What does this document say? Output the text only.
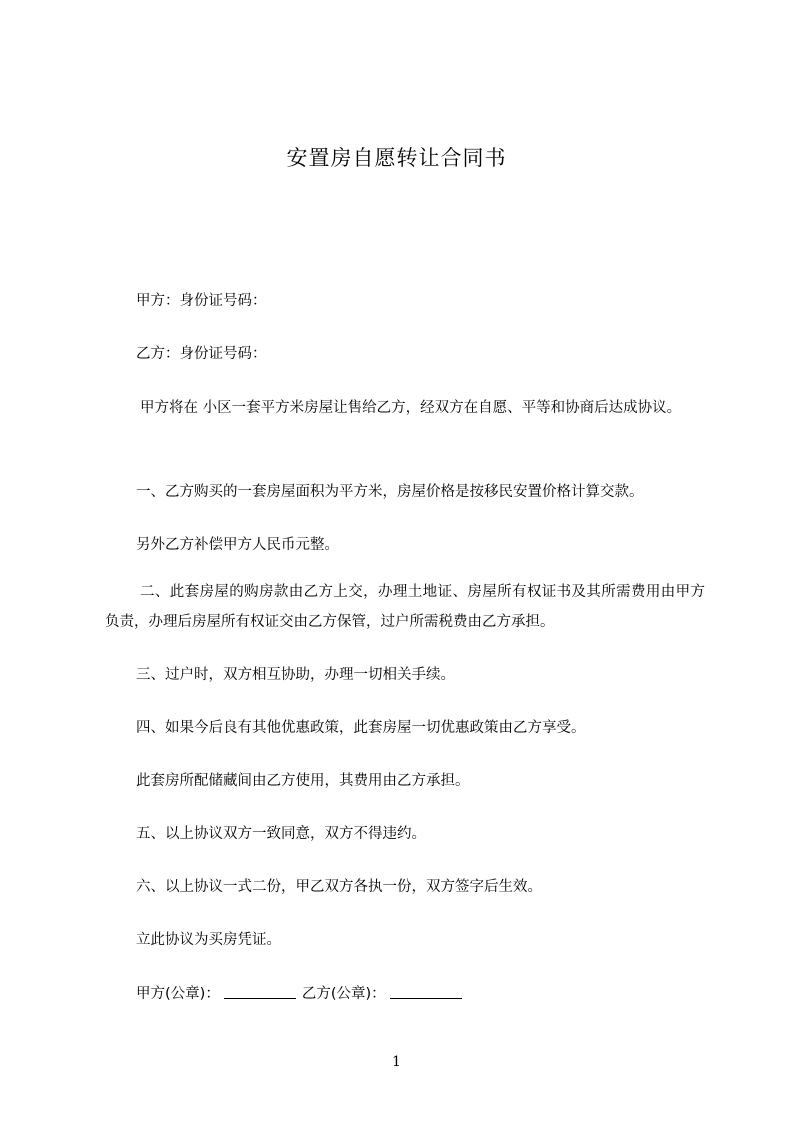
安置房自愿转让合同书

甲方：身份证号码：

乙方：身份证号码：

甲方将在 小区一套平方米房屋让售给乙方，经双方在自愿、平等和协商后达成协议。

一、乙方购买的一套房屋面积为平方米，房屋价格是按移民安置价格计算交款。

另外乙方补偿甲方人民币元整。

二、此套房屋的购房款由乙方上交，办理土地证、房屋所有权证书及其所需费用由甲方负责，办理后房屋所有权证交由乙方保管，过户所需税费由乙方承担。

三、过户时，双方相互协助，办理一切相关手续。

四、如果今后良有其他优惠政策，此套房屋一切优惠政策由乙方享受。

此套房所配储藏间由乙方使用，其费用由乙方承担。

五、以上协议双方一致同意，双方不得违约。

六、以上协议一式二份，甲乙双方各执一份，双方签字后生效。

立此协议为买房凭证。

甲方(公章)：	乙方(公章)：

1
